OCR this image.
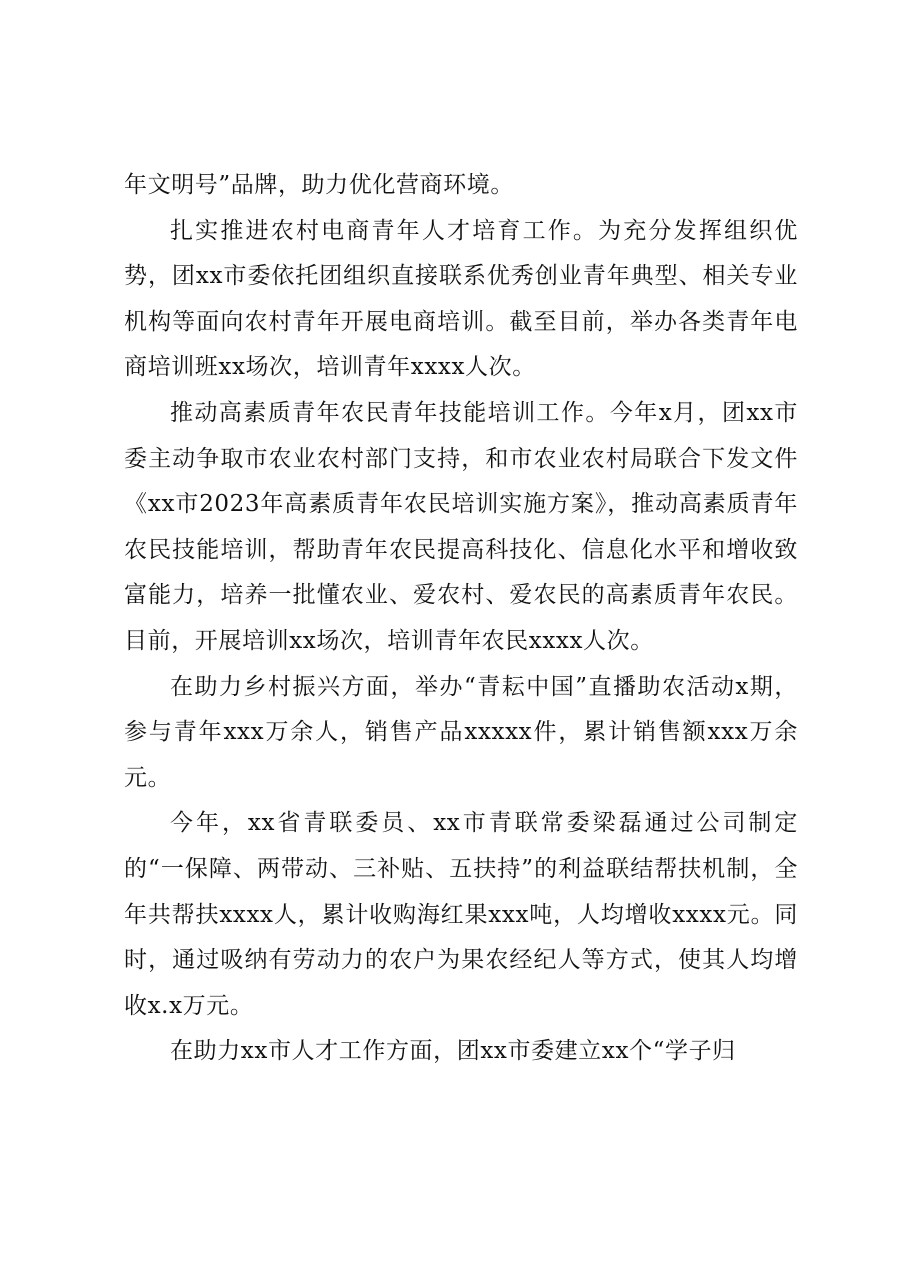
年文明号”品牌，助力优化营商环境。

扎实推进农村电商青年人才培育工作。为充分发挥组织优势，团xx市委依托团组织直接联系优秀创业青年典型、相关专业机构等面向农村青年开展电商培训。截至目前，举办各类青年电商培训班xx场次，培训青年xxxx人次。

推动高素质青年农民青年技能培训工作。今年x月，团xx市委主动争取市农业农村部门支持，和市农业农村局联合下发文件《xx市2023年高素质青年农民培训实施方案》，推动高素质青年农民技能培训，帮助青年农民提高科技化、信息化水平和增收致富能力，培养一批懂农业、爱农村、爱农民的高素质青年农民。目前，开展培训xx场次，培训青年农民xxxx人次。

在助力乡村振兴方面，举办“青耘中国”直播助农活动x期，参与青年xxx万余人，销售产品xxxxx件，累计销售额xxx万余元。

今年，xx省青联委员、xx市青联常委梁磊通过公司制定的“一保障、两带动、三补贴、五扶持”的利益联结帮扶机制，全年共帮扶xxxx人，累计收购海红果xxx吨，人均增收xxxx元。同时，通过吸纳有劳动力的农户为果农经纪人等方式，使其人均增收x.x万元。

在助力xx市人才工作方面，团xx市委建立xx个“学子归
